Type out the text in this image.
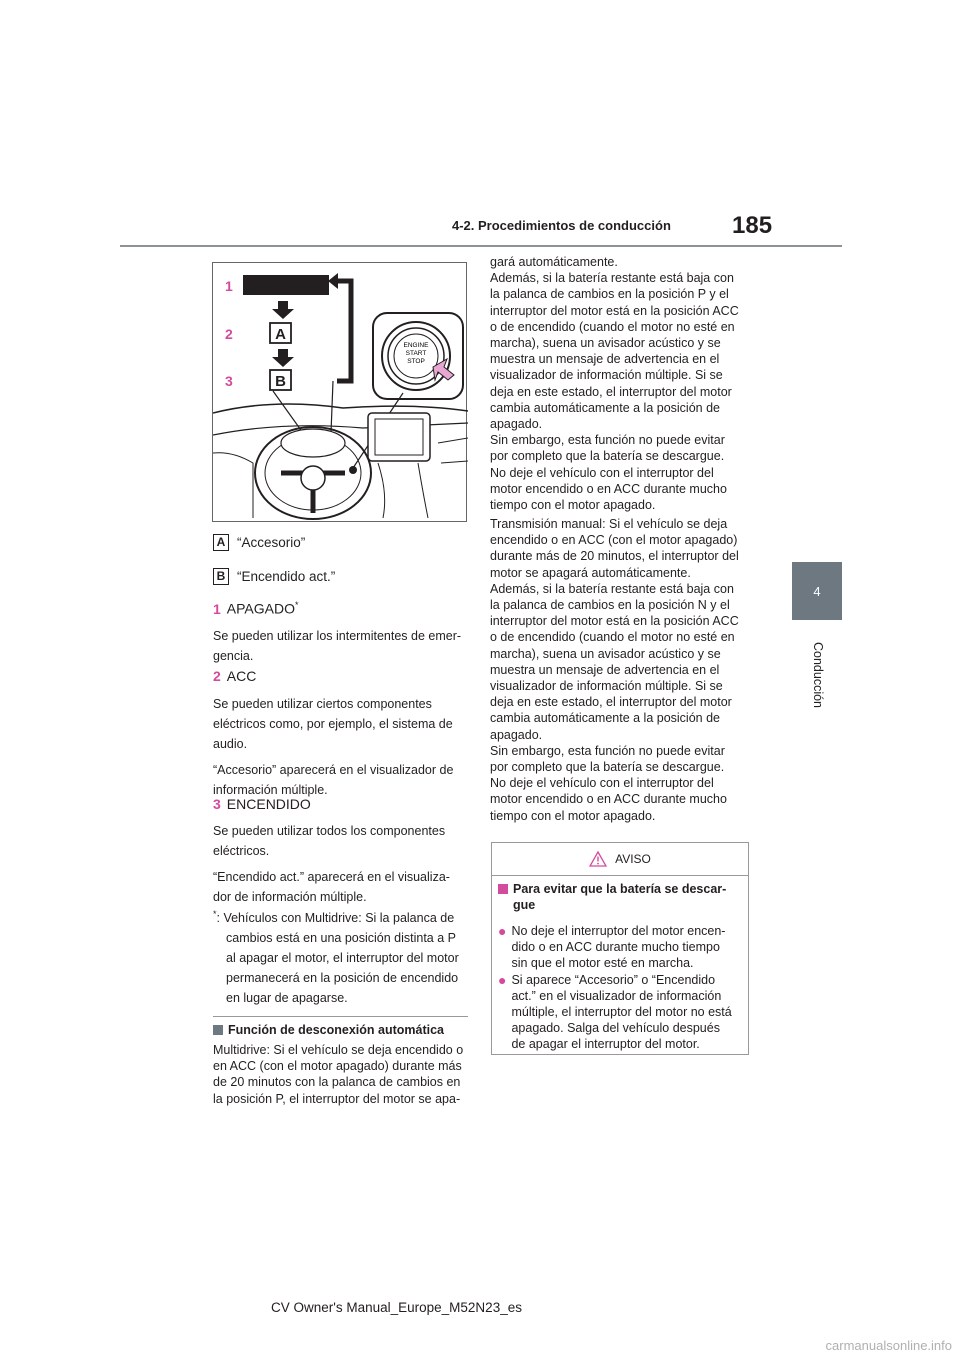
4-2. Procedimientos de conducción	185
4
Conducción
A
B
1
2
3
ENGINE
START
STOP
A “Accesorio”
B “Encendido act.”
1 APAGADO*
Se pueden utilizar los intermitentes de emer-
gencia.
2 ACC
Se pueden utilizar ciertos componentes
eléctricos como, por ejemplo, el sistema de
audio.
“Accesorio” aparecerá en el visualizador de
información múltiple.
3 ENCENDIDO
Se pueden utilizar todos los componentes
eléctricos.
“Encendido act.” aparecerá en el visualiza-
dor de información múltiple.
*: Vehículos con Multidrive: Si la palanca de
cambios está en una posición distinta a P
al apagar el motor, el interruptor del motor
permanecerá en la posición de encendido
en lugar de apagarse.
Función de desconexión automática
Multidrive: Si el vehículo se deja encendido o
en ACC (con el motor apagado) durante más
de 20 minutos con la palanca de cambios en
la posición P, el interruptor del motor se apa-
gará automáticamente.
Además, si la batería restante está baja con
la palanca de cambios en la posición P y el
interruptor del motor está en la posición ACC
o de encendido (cuando el motor no esté en
marcha), suena un avisador acústico y se
muestra un mensaje de advertencia en el
visualizador de información múltiple. Si se
deja en este estado, el interruptor del motor
cambia automáticamente a la posición de
apagado.
Sin embargo, esta función no puede evitar
por completo que la batería se descargue.
No deje el vehículo con el interruptor del
motor encendido o en ACC durante mucho
tiempo con el motor apagado.
Transmisión manual: Si el vehículo se deja
encendido o en ACC (con el motor apagado)
durante más de 20 minutos, el interruptor del
motor se apagará automáticamente.
Además, si la batería restante está baja con
la palanca de cambios en la posición N y el
interruptor del motor está en la posición ACC
o de encendido (cuando el motor no esté en
marcha), suena un avisador acústico y se
muestra un mensaje de advertencia en el
visualizador de información múltiple. Si se
deja en este estado, el interruptor del motor
cambia automáticamente a la posición de
apagado.
Sin embargo, esta función no puede evitar
por completo que la batería se descargue.
No deje el vehículo con el interruptor del
motor encendido o en ACC durante mucho
tiempo con el motor apagado.
AVISO
Para evitar que la batería se descar-
gue
● No deje el interruptor del motor encen-
dido o en ACC durante mucho tiempo
sin que el motor esté en marcha.
● Si aparece “Accesorio” o “Encendido
act.” en el visualizador de información
múltiple, el interruptor del motor no está
apagado. Salga del vehículo después
de apagar el interruptor del motor.
CV Owner's Manual_Europe_M52N23_es
carmanualsonline.info
